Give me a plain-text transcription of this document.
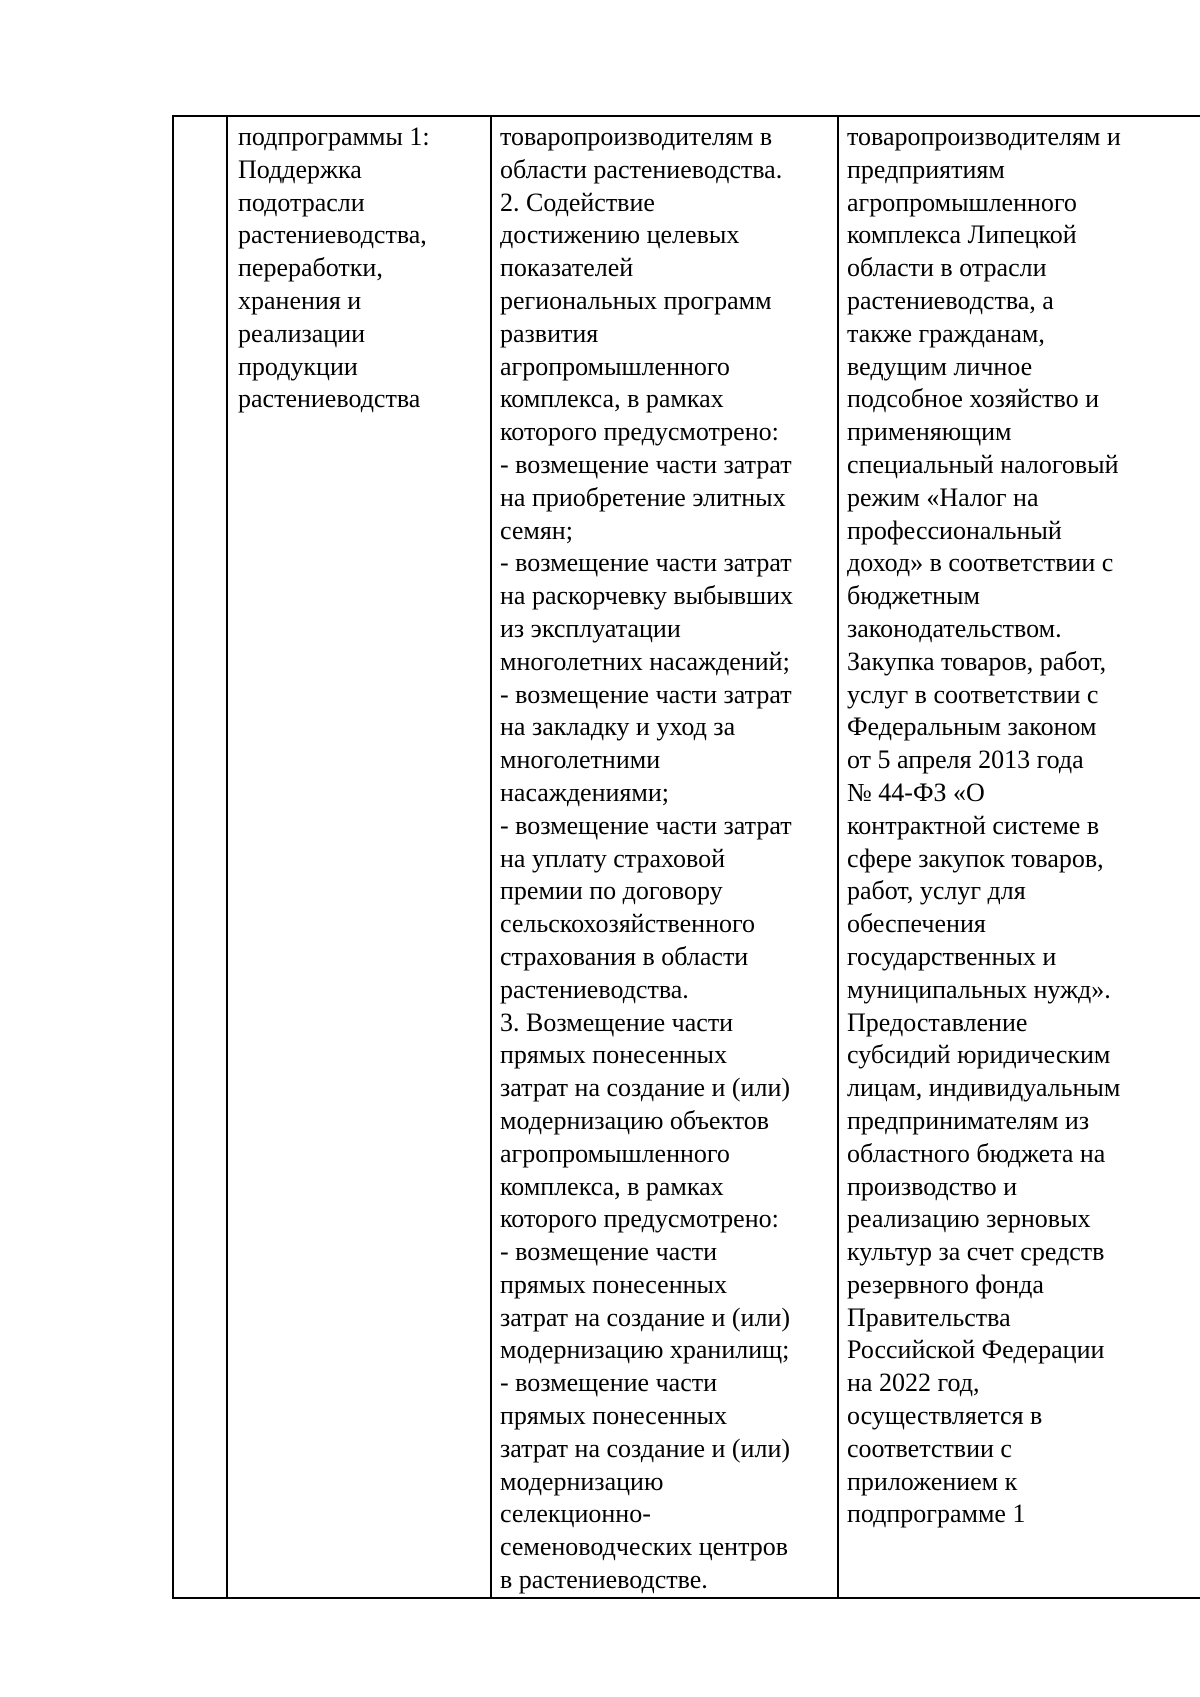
подпрограммы 1:
Поддержка
подотрасли
растениеводства,
переработки,
хранения и
реализации
продукции
растениеводства

товаропроизводителям в
области растениеводства.
2. Содействие
достижению целевых
показателей
региональных программ
развития
агропромышленного
комплекса, в рамках
которого предусмотрено:
- возмещение части затрат
на приобретение элитных
семян;
- возмещение части затрат
на раскорчевку выбывших
из эксплуатации
многолетних насаждений;
- возмещение части затрат
на закладку и уход за
многолетними
насаждениями;
- возмещение части затрат
на уплату страховой
премии по договору
сельскохозяйственного
страхования в области
растениеводства.
3. Возмещение части
прямых понесенных
затрат на создание и (или)
модернизацию объектов
агропромышленного
комплекса, в рамках
которого предусмотрено:
- возмещение части
прямых понесенных
затрат на создание и (или)
модернизацию хранилищ;
- возмещение части
прямых понесенных
затрат на создание и (или)
модернизацию
селекционно-
семеноводческих центров
в растениеводстве.

товаропроизводителям и
предприятиям
агропромышленного
комплекса Липецкой
области в отрасли
растениеводства, а
также гражданам,
ведущим личное
подсобное хозяйство и
применяющим
специальный налоговый
режим «Налог на
профессиональный
доход» в соответствии с
бюджетным
законодательством.
Закупка товаров, работ,
услуг в соответствии с
Федеральным законом
от 5 апреля 2013 года
№ 44-ФЗ «О
контрактной системе в
сфере закупок товаров,
работ, услуг для
обеспечения
государственных и
муниципальных нужд».
Предоставление
субсидий юридическим
лицам, индивидуальным
предпринимателям из
областного бюджета на
производство и
реализацию зерновых
культур за счет средств
резервного фонда
Правительства
Российской Федерации
на 2022 год,
осуществляется в
соответствии с
приложением к
подпрограмме 1
